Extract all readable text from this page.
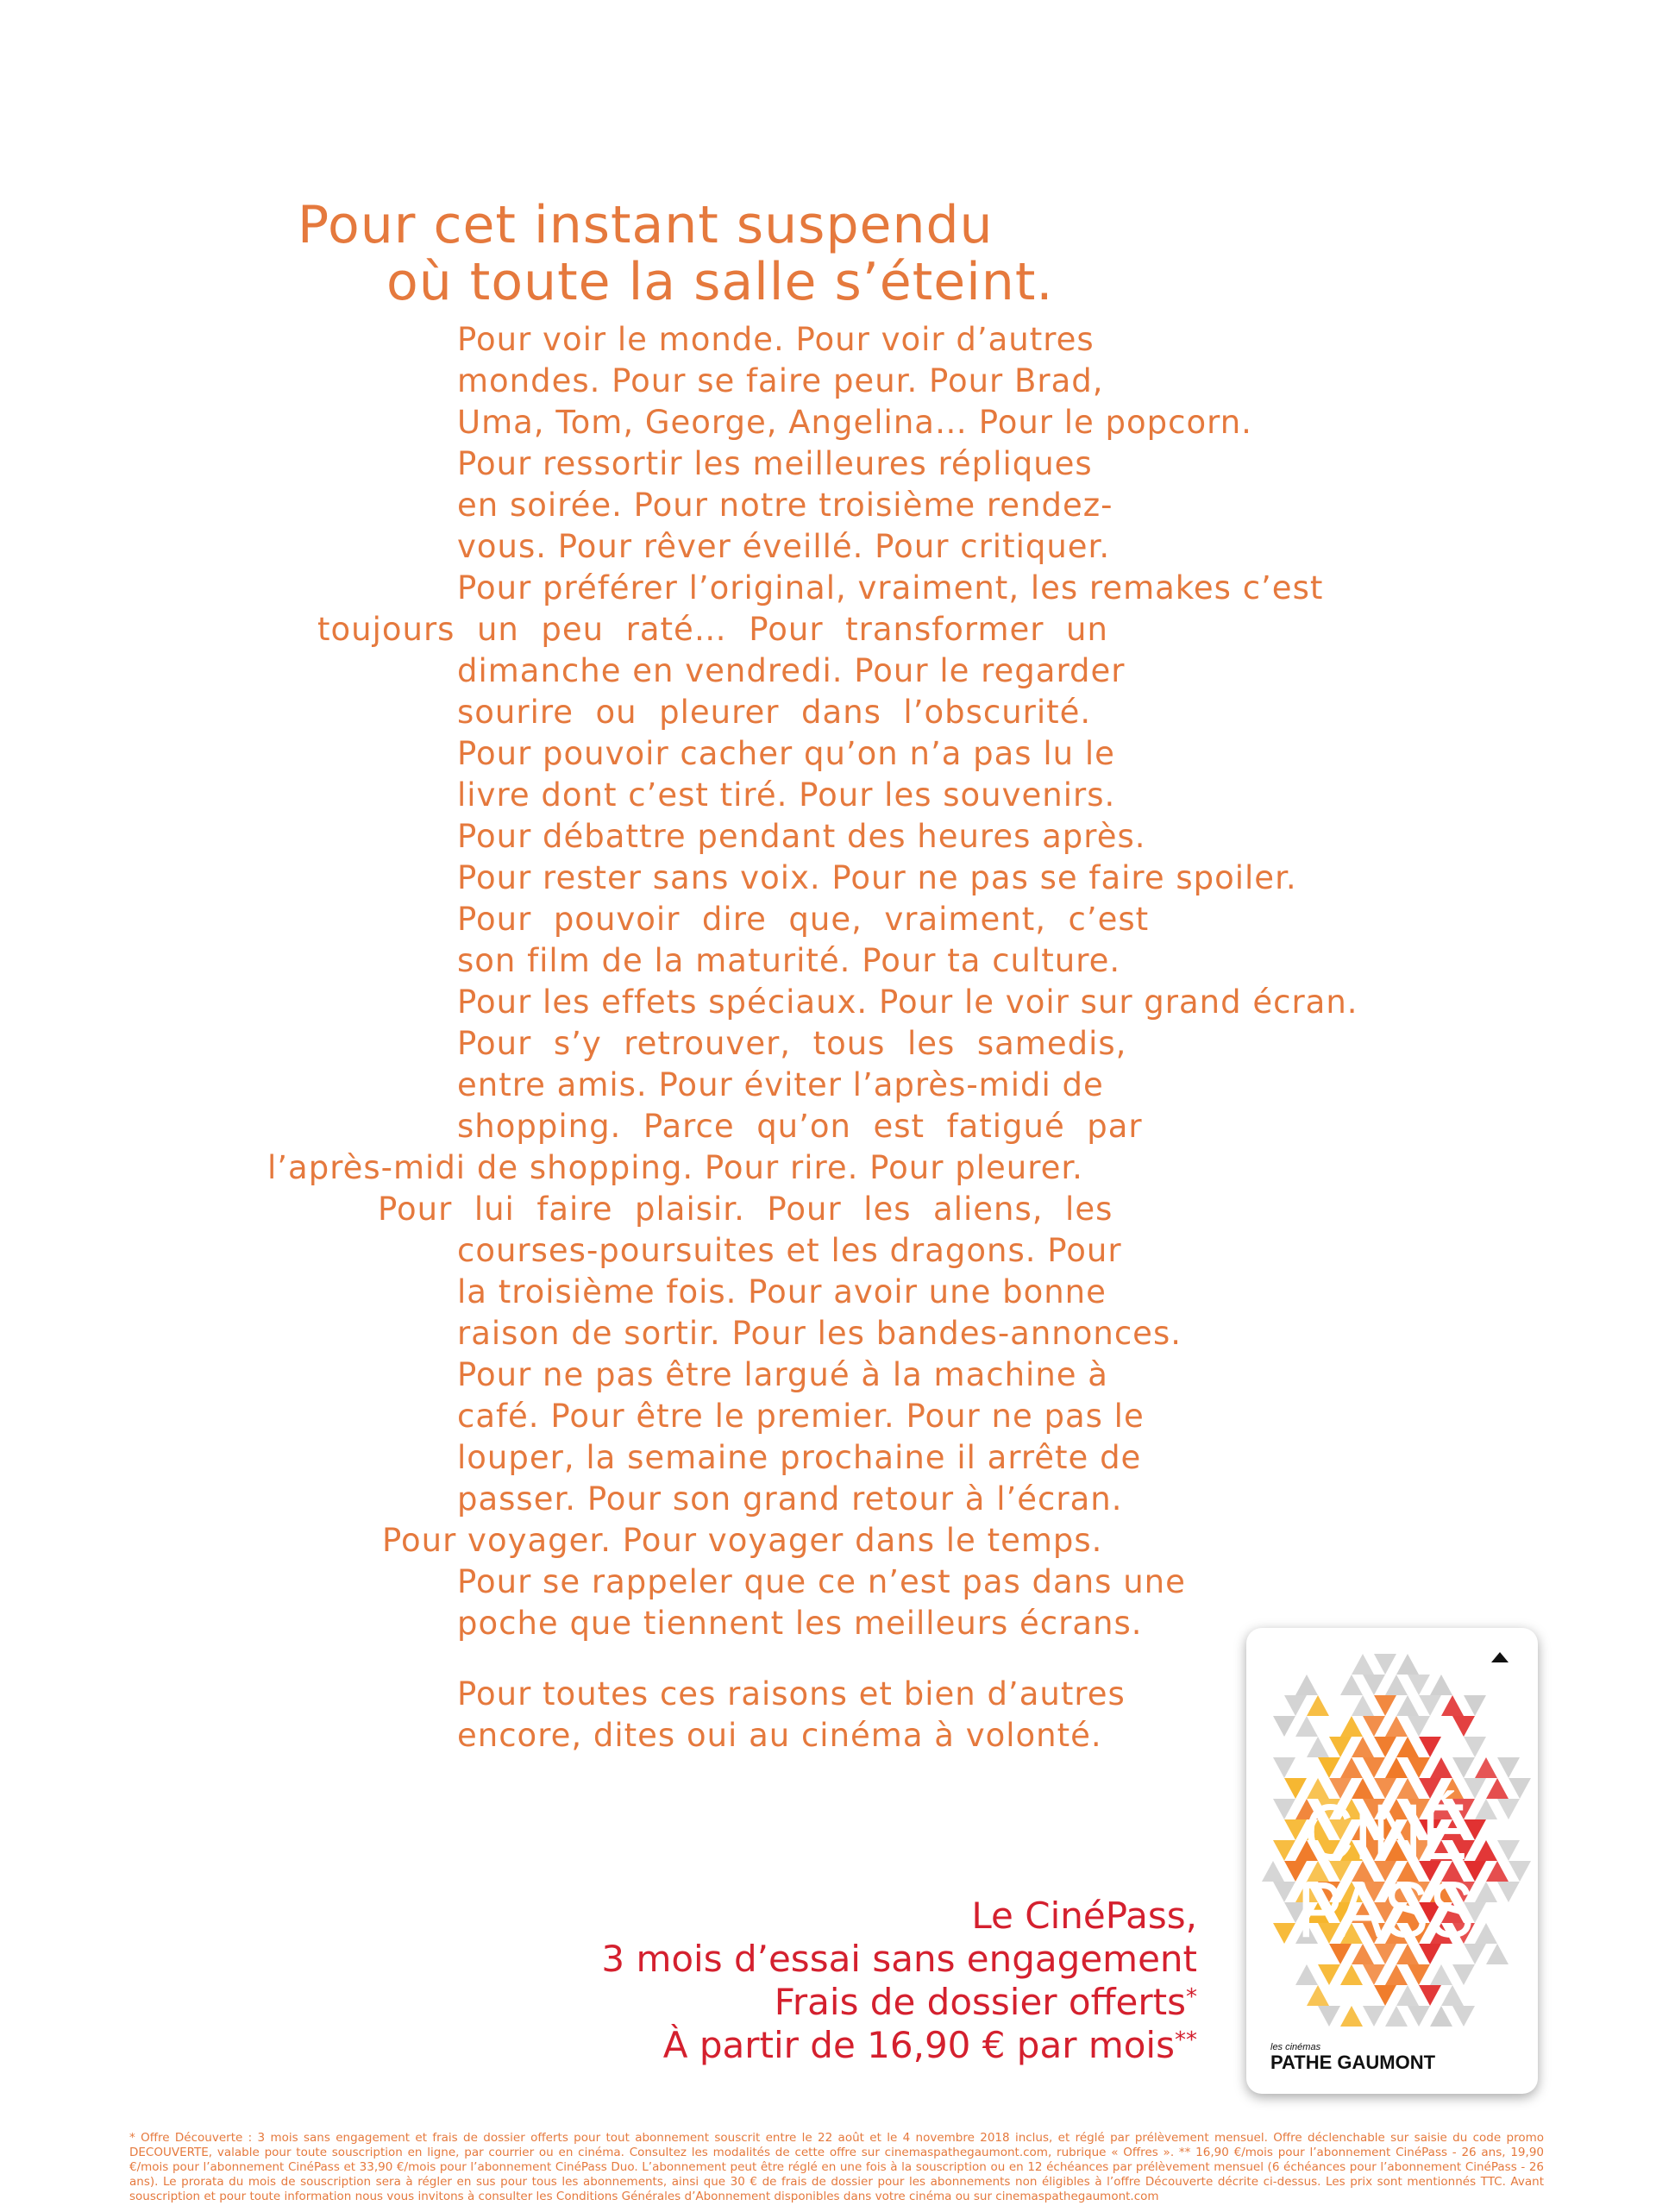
Pour cet instant suspendu
où toute la salle s’éteint.
Pour voir le monde. Pour voir d’autres
mondes. Pour se faire peur. Pour Brad,
Uma, Tom, George, Angelina… Pour le popcorn.
Pour ressortir les meilleures répliques
en soirée. Pour notre troisième rendez-
vous. Pour rêver éveillé. Pour critiquer.
Pour préférer l’original, vraiment, les remakes c’est
toujours  un  peu  raté…  Pour  transformer  un
dimanche en vendredi. Pour le regarder
sourire  ou  pleurer  dans  l’obscurité.
Pour pouvoir cacher qu’on n’a pas lu le
livre dont c’est tiré. Pour les souvenirs.
Pour débattre pendant des heures après.
Pour rester sans voix. Pour ne pas se faire spoiler.
Pour  pouvoir  dire  que,  vraiment,  c’est
son film de la maturité. Pour ta culture.
Pour les effets spéciaux. Pour le voir sur grand écran.
Pour  s’y  retrouver,  tous  les  samedis,
entre amis. Pour éviter l’après-midi de
shopping.  Parce  qu’on  est  fatigué  par
l’après-midi de shopping. Pour rire. Pour pleurer.
Pour  lui  faire  plaisir.  Pour  les  aliens,  les
courses-poursuites et les dragons. Pour
la troisième fois. Pour avoir une bonne
raison de sortir. Pour les bandes-annonces.
Pour ne pas être largué à la machine à
café. Pour être le premier. Pour ne pas le
louper, la semaine prochaine il arrête de
passer. Pour son grand retour à l’écran.
Pour voyager. Pour voyager dans le temps.
Pour se rappeler que ce n’est pas dans une
poche que tiennent les meilleurs écrans.
Pour toutes ces raisons et bien d’autres
encore, dites oui au cinéma à volonté.
Le CinéPass,
3 mois d’essai sans engagement
Frais de dossier offerts*
À partir de 16,90 € par mois**
CINÉ
PASS
les cinémas
PATHE GAUMONT
* Offre Découverte : 3 mois sans engagement et frais de dossier offerts pour tout abonnement souscrit entre le 22 août et le 4 novembre 2018 inclus, et réglé par prélèvement mensuel. Offre déclenchable sur saisie du code promo DECOUVERTE, valable pour toute souscription en ligne, par courrier ou en cinéma. Consultez les modalités de cette offre sur cinemaspathegaumont.com, rubrique « Offres ». ** 16,90 €/mois pour l’abonnement CinéPass - 26 ans, 19,90 €/mois pour l’abonnement CinéPass et 33,90 €/mois pour l’abonnement CinéPass Duo. L’abonnement peut être réglé en une fois à la souscription ou en 12 échéances par prélèvement mensuel (6 échéances pour l’abonnement CinéPass - 26 ans). Le prorata du mois de souscription sera à régler en sus pour tous les abonnements, ainsi que 30 € de frais de dossier pour les abonnements non éligibles à l’offre Découverte décrite ci-dessus. Les prix sont mentionnés TTC. Avant souscription et pour toute information nous vous invitons à consulter les Conditions Générales d’Abonnement disponibles dans votre cinéma ou sur cinemaspathegaumont.com
